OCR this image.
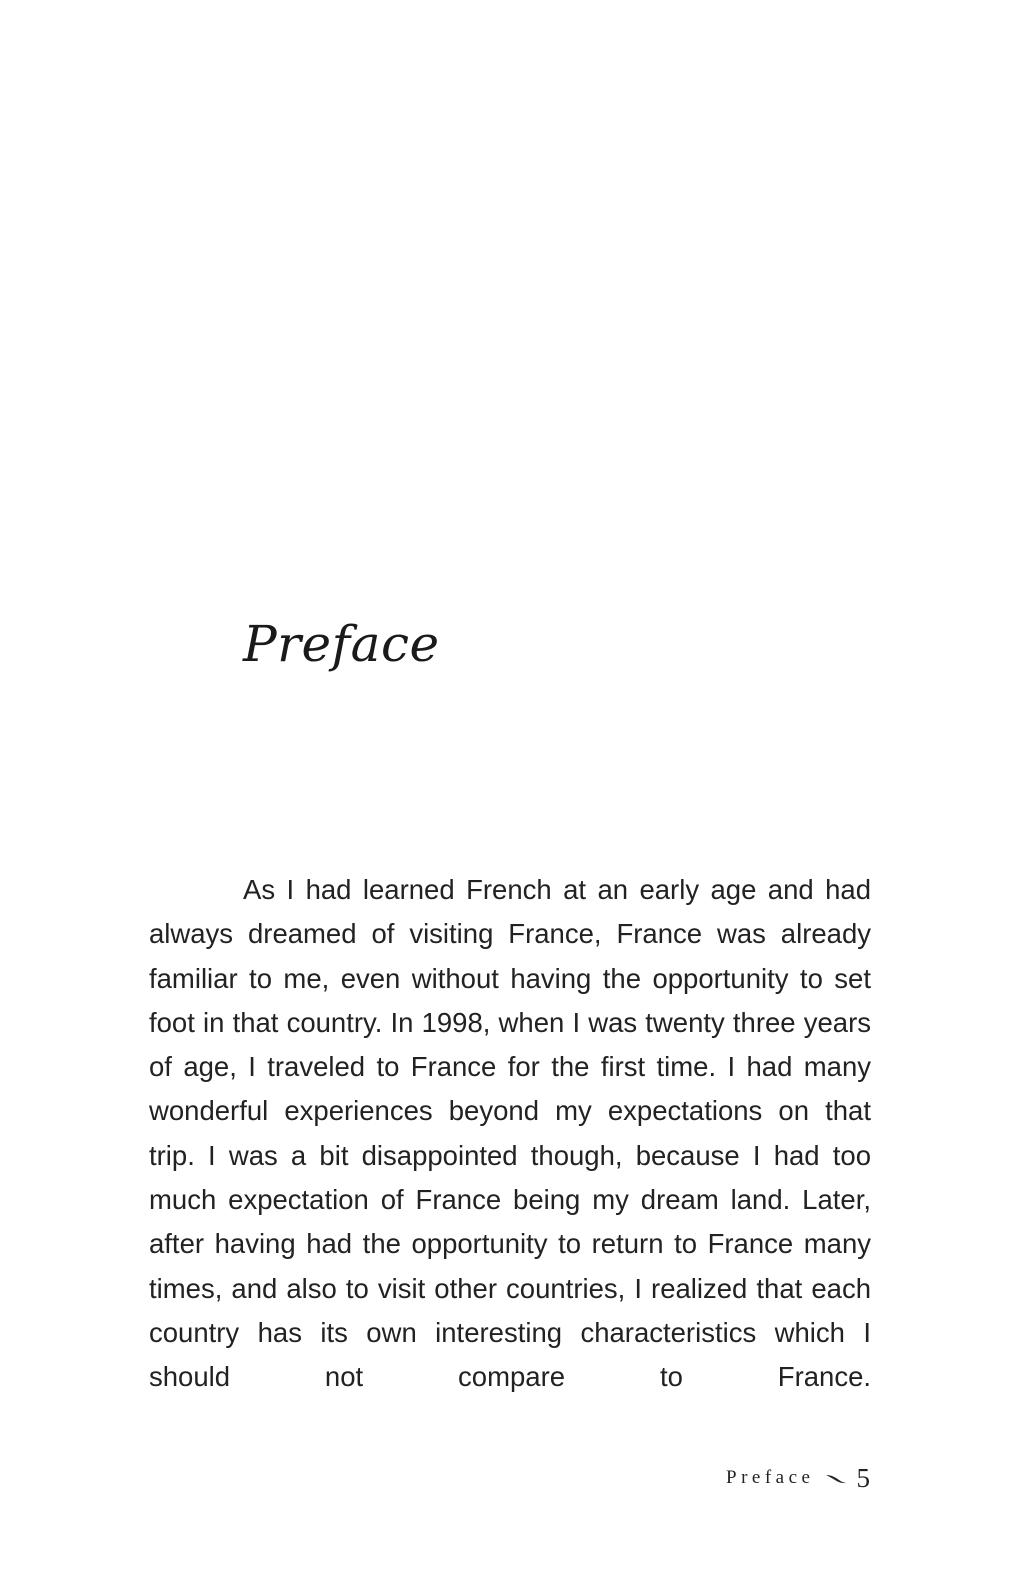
Preface

As I had learned French at an early age and had always dreamed of visiting France, France was already familiar to me, even without having the opportunity to set foot in that country. In 1998, when I was twenty three years of age, I traveled to France for the first time. I had many wonderful experiences beyond my expectations on that trip. I was a bit disappointed though, because I had too much expectation of France being my dream land. Later, after having had the opportunity to return to France many times, and also to visit other countries, I realized that each country has its own interesting characteristics which I should not compare to France.

Preface 5
